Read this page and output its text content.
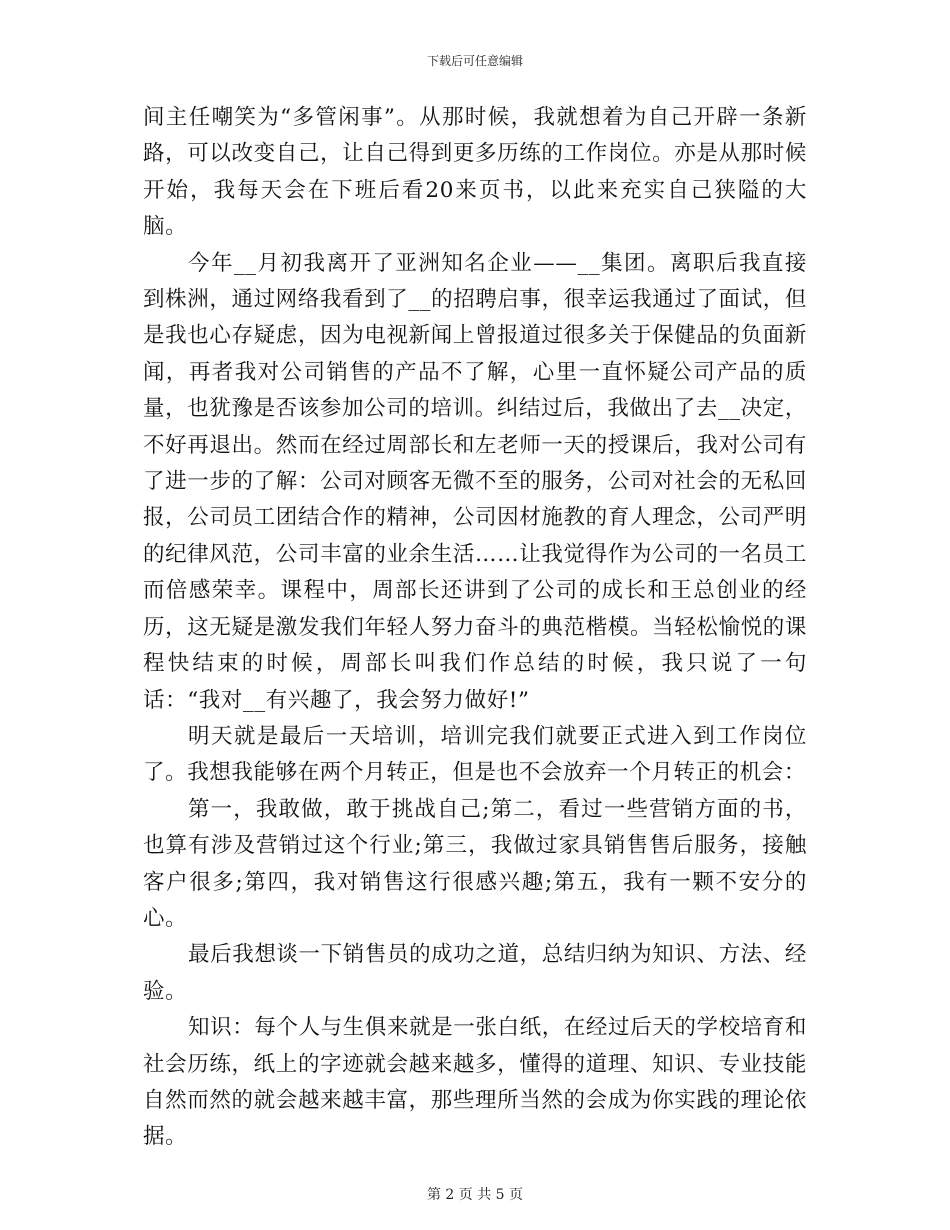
下载后可任意编辑

间主任嘲笑为“多管闲事”。从那时候，我就想着为自己开辟一条新路，可以改变自己，让自己得到更多历练的工作岗位。亦是从那时候开始，我每天会在下班后看20来页书，以此来充实自己狭隘的大脑。

今年__月初我离开了亚洲知名企业——__集团。离职后我直接到株洲，通过网络我看到了__的招聘启事，很幸运我通过了面试，但是我也心存疑虑，因为电视新闻上曾报道过很多关于保健品的负面新闻，再者我对公司销售的产品不了解，心里一直怀疑公司产品的质量，也犹豫是否该参加公司的培训。纠结过后，我做出了去__决定，不好再退出。然而在经过周部长和左老师一天的授课后，我对公司有了进一步的了解：公司对顾客无微不至的服务，公司对社会的无私回报，公司员工团结合作的精神，公司因材施教的育人理念，公司严明的纪律风范，公司丰富的业余生活……让我觉得作为公司的一名员工而倍感荣幸。课程中，周部长还讲到了公司的成长和王总创业的经历，这无疑是激发我们年轻人努力奋斗的典范楷模。当轻松愉悦的课程快结束的时候，周部长叫我们作总结的时候，我只说了一句话：“我对__有兴趣了，我会努力做好!”

明天就是最后一天培训，培训完我们就要正式进入到工作岗位了。我想我能够在两个月转正，但是也不会放弃一个月转正的机会：

第一，我敢做，敢于挑战自己;第二，看过一些营销方面的书，也算有涉及营销过这个行业;第三，我做过家具销售售后服务，接触客户很多;第四，我对销售这行很感兴趣;第五，我有一颗不安分的心。

最后我想谈一下销售员的成功之道，总结归纳为知识、方法、经验。

知识：每个人与生俱来就是一张白纸，在经过后天的学校培育和社会历练，纸上的字迹就会越来越多，懂得的道理、知识、专业技能自然而然的就会越来越丰富，那些理所当然的会成为你实践的理论依据。

第 2 页 共 5 页
